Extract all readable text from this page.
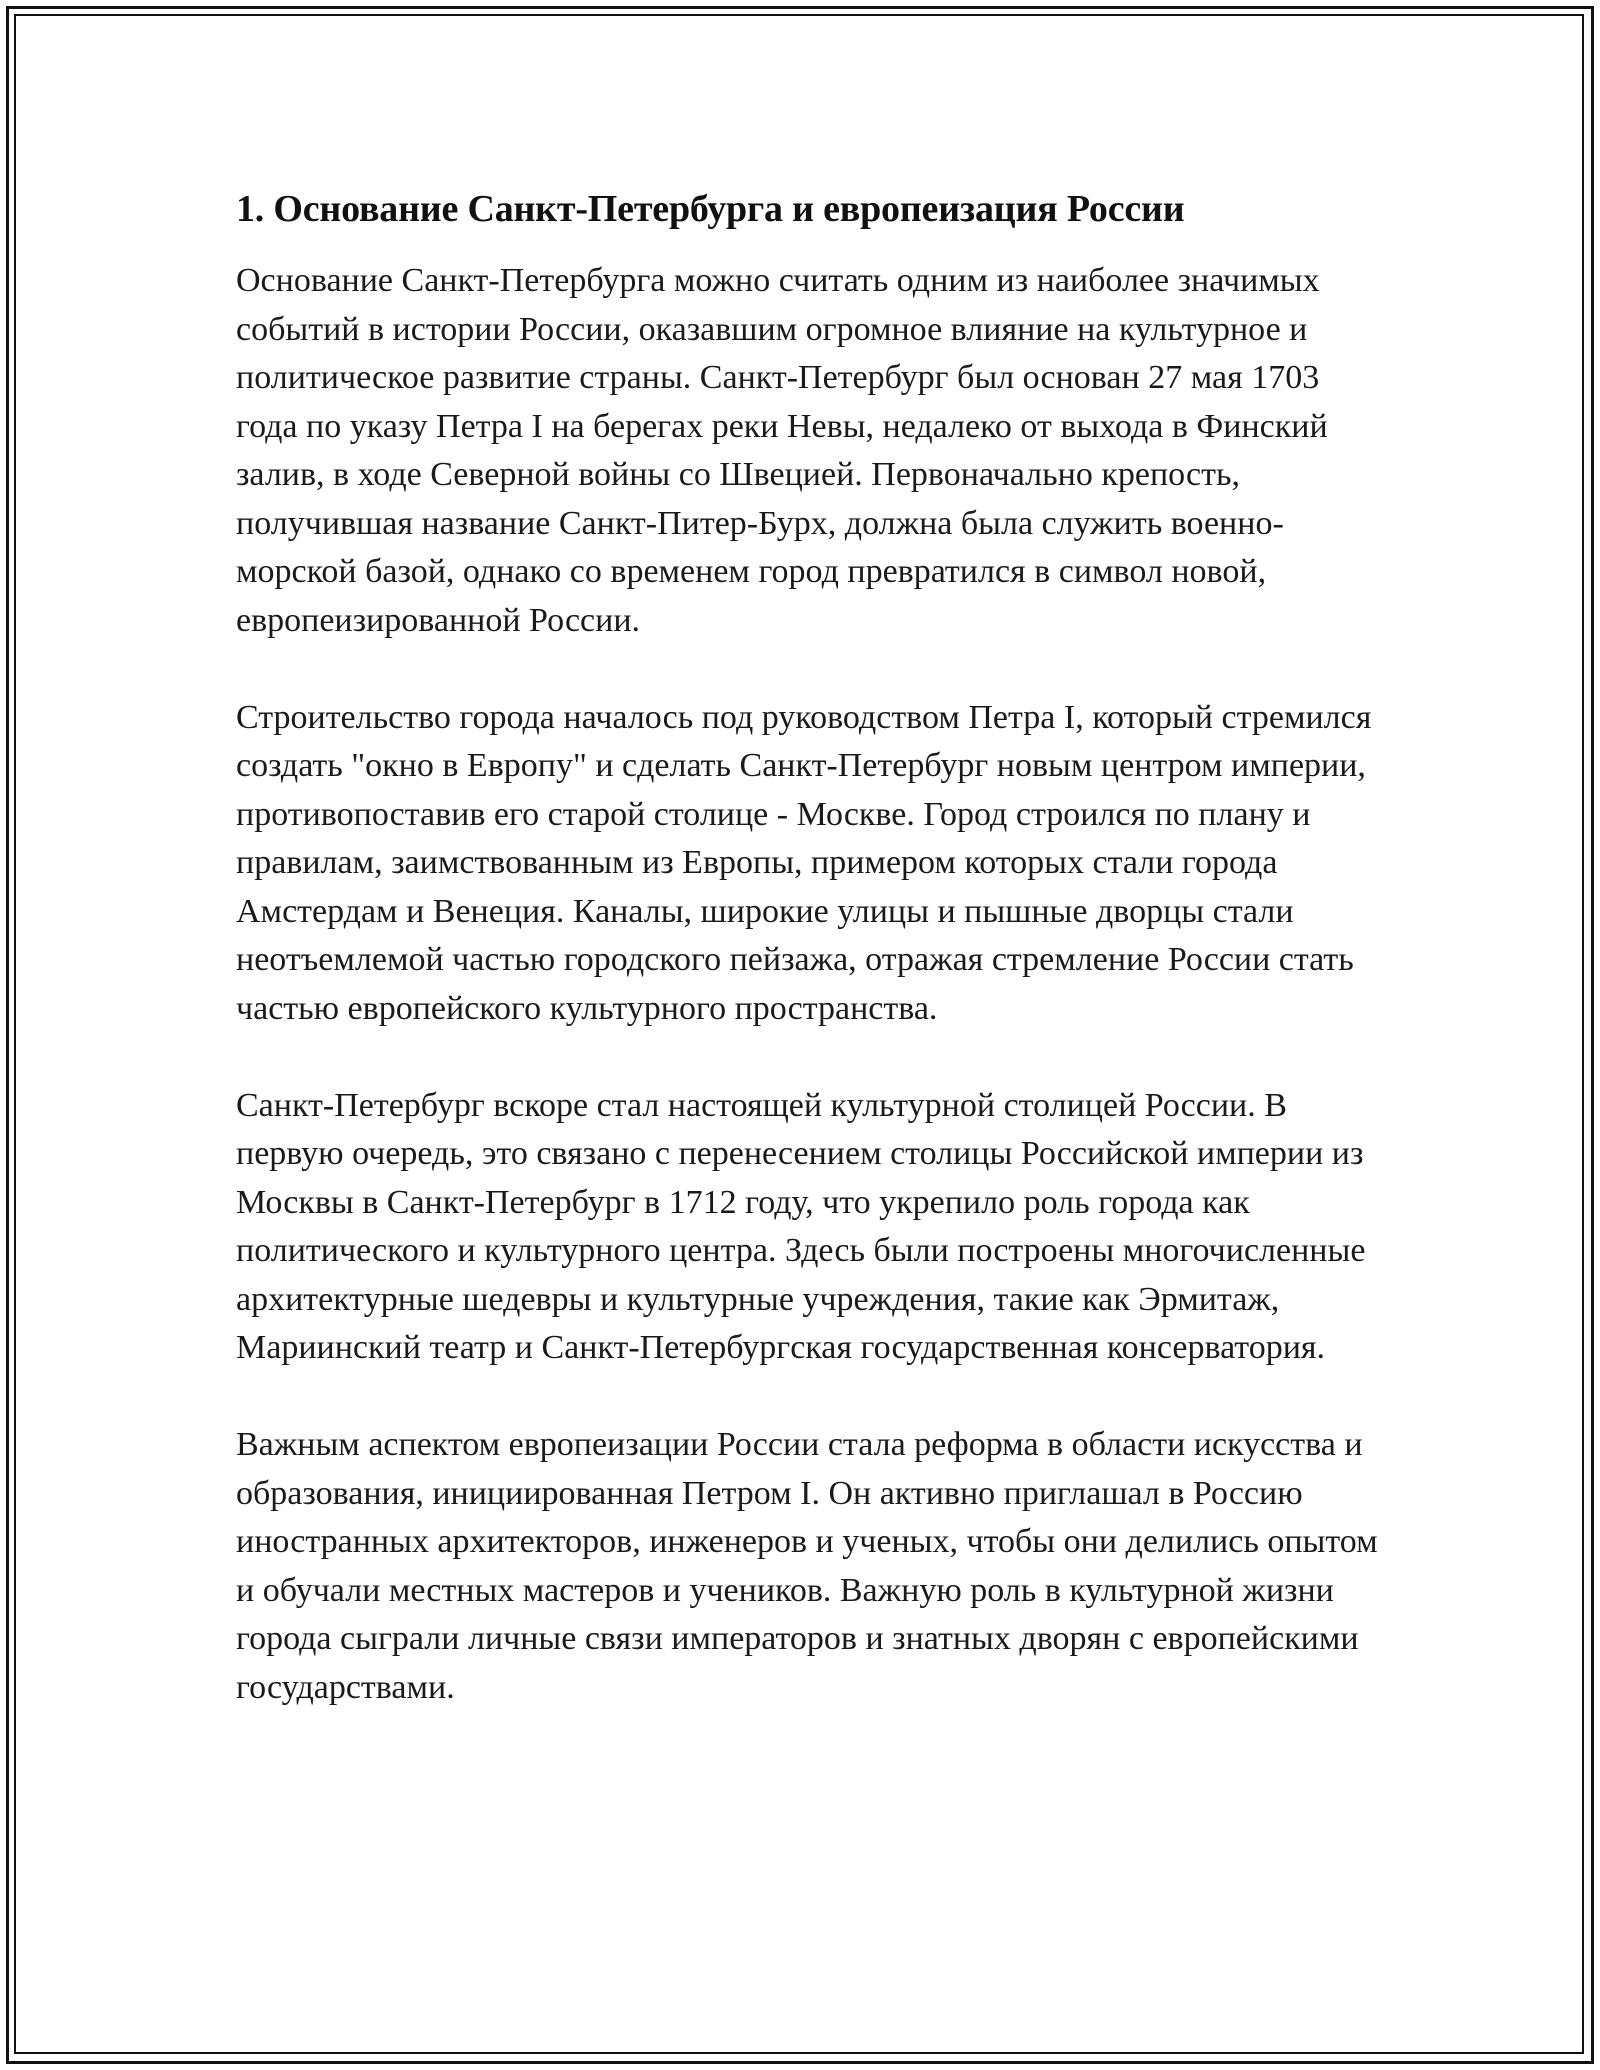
1. Основание Санкт-Петербурга и европеизация России

Основание Санкт-Петербурга можно считать одним из наиболее значимых событий в истории России, оказавшим огромное влияние на культурное и политическое развитие страны. Санкт-Петербург был основан 27 мая 1703 года по указу Петра I на берегах реки Невы, недалеко от выхода в Финский залив, в ходе Северной войны со Швецией. Первоначально крепость, получившая название Санкт-Питер-Бурх, должна была служить военно-морской базой, однако со временем город превратился в символ новой, европеизированной России.

Строительство города началось под руководством Петра I, который стремился создать "окно в Европу" и сделать Санкт-Петербург новым центром империи, противопоставив его старой столице - Москве. Город строился по плану и правилам, заимствованным из Европы, примером которых стали города Амстердам и Венеция. Каналы, широкие улицы и пышные дворцы стали неотъемлемой частью городского пейзажа, отражая стремление России стать частью европейского культурного пространства.

Санкт-Петербург вскоре стал настоящей культурной столицей России. В первую очередь, это связано с перенесением столицы Российской империи из Москвы в Санкт-Петербург в 1712 году, что укрепило роль города как политического и культурного центра. Здесь были построены многочисленные архитектурные шедевры и культурные учреждения, такие как Эрмитаж, Мариинский театр и Санкт-Петербургская государственная консерватория.

Важным аспектом европеизации России стала реформа в области искусства и образования, инициированная Петром I. Он активно приглашал в Россию иностранных архитекторов, инженеров и ученых, чтобы они делились опытом и обучали местных мастеров и учеников. Важную роль в культурной жизни города сыграли личные связи императоров и знатных дворян с европейскими государствами.
